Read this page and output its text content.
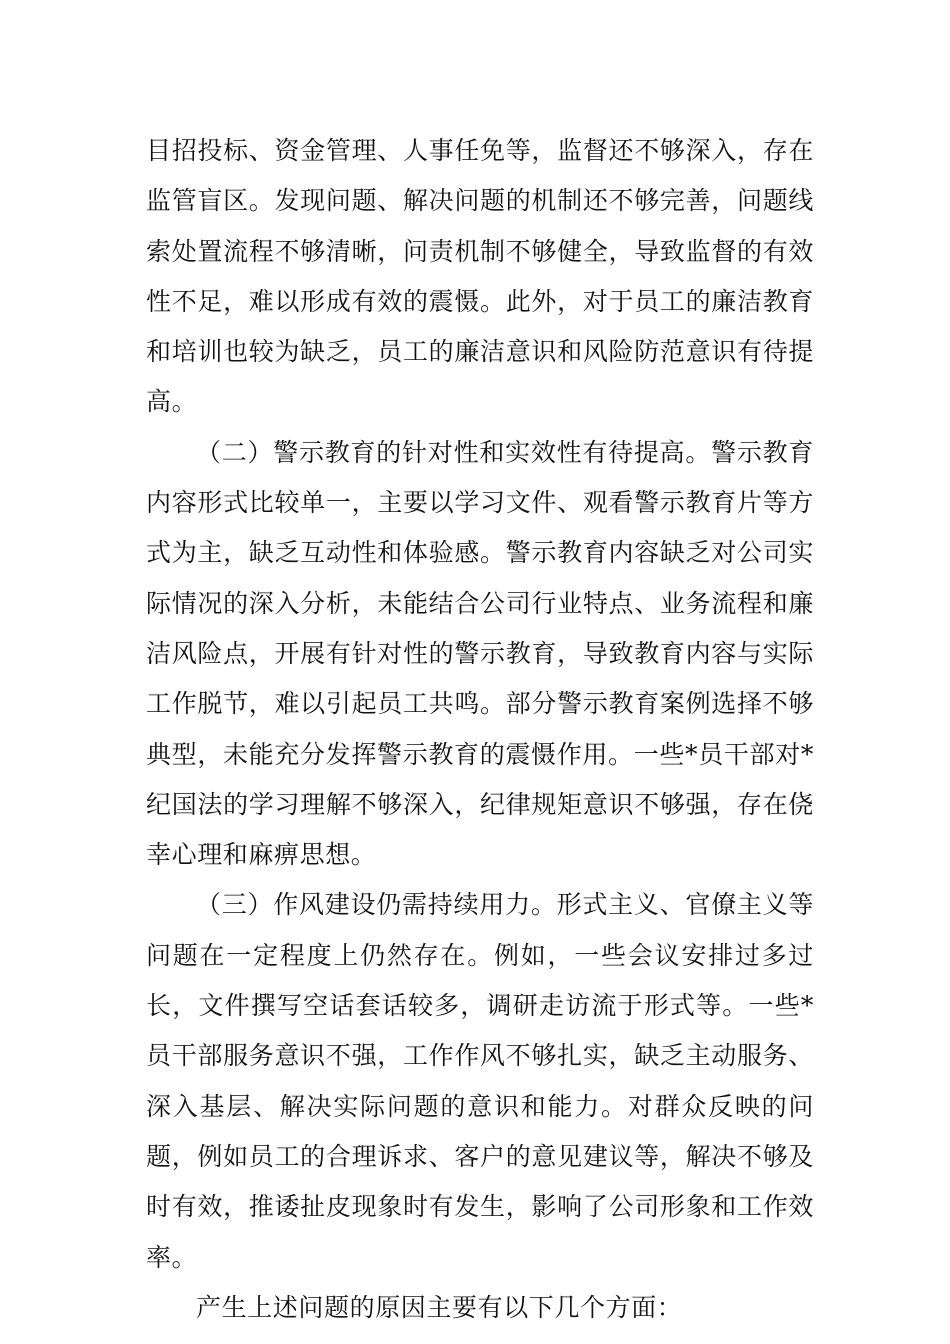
目招投标、资金管理、人事任免等，监督还不够深入，存在监管盲区。发现问题、解决问题的机制还不够完善，问题线索处置流程不够清晰，问责机制不够健全，导致监督的有效性不足，难以形成有效的震慑。此外，对于员工的廉洁教育和培训也较为缺乏，员工的廉洁意识和风险防范意识有待提高。

（二）警示教育的针对性和实效性有待提高。警示教育内容形式比较单一，主要以学习文件、观看警示教育片等方式为主，缺乏互动性和体验感。警示教育内容缺乏对公司实际情况的深入分析，未能结合公司行业特点、业务流程和廉洁风险点，开展有针对性的警示教育，导致教育内容与实际工作脱节，难以引起员工共鸣。部分警示教育案例选择不够典型，未能充分发挥警示教育的震慑作用。一些*员干部对*纪国法的学习理解不够深入，纪律规矩意识不够强，存在侥幸心理和麻痹思想。

（三）作风建设仍需持续用力。形式主义、官僚主义等问题在一定程度上仍然存在。例如，一些会议安排过多过长，文件撰写空话套话较多，调研走访流于形式等。一些*员干部服务意识不强，工作作风不够扎实，缺乏主动服务、深入基层、解决实际问题的意识和能力。对群众反映的问题，例如员工的合理诉求、客户的意见建议等，解决不够及时有效，推诿扯皮现象时有发生，影响了公司形象和工作效率。

产生上述问题的原因主要有以下几个方面：
